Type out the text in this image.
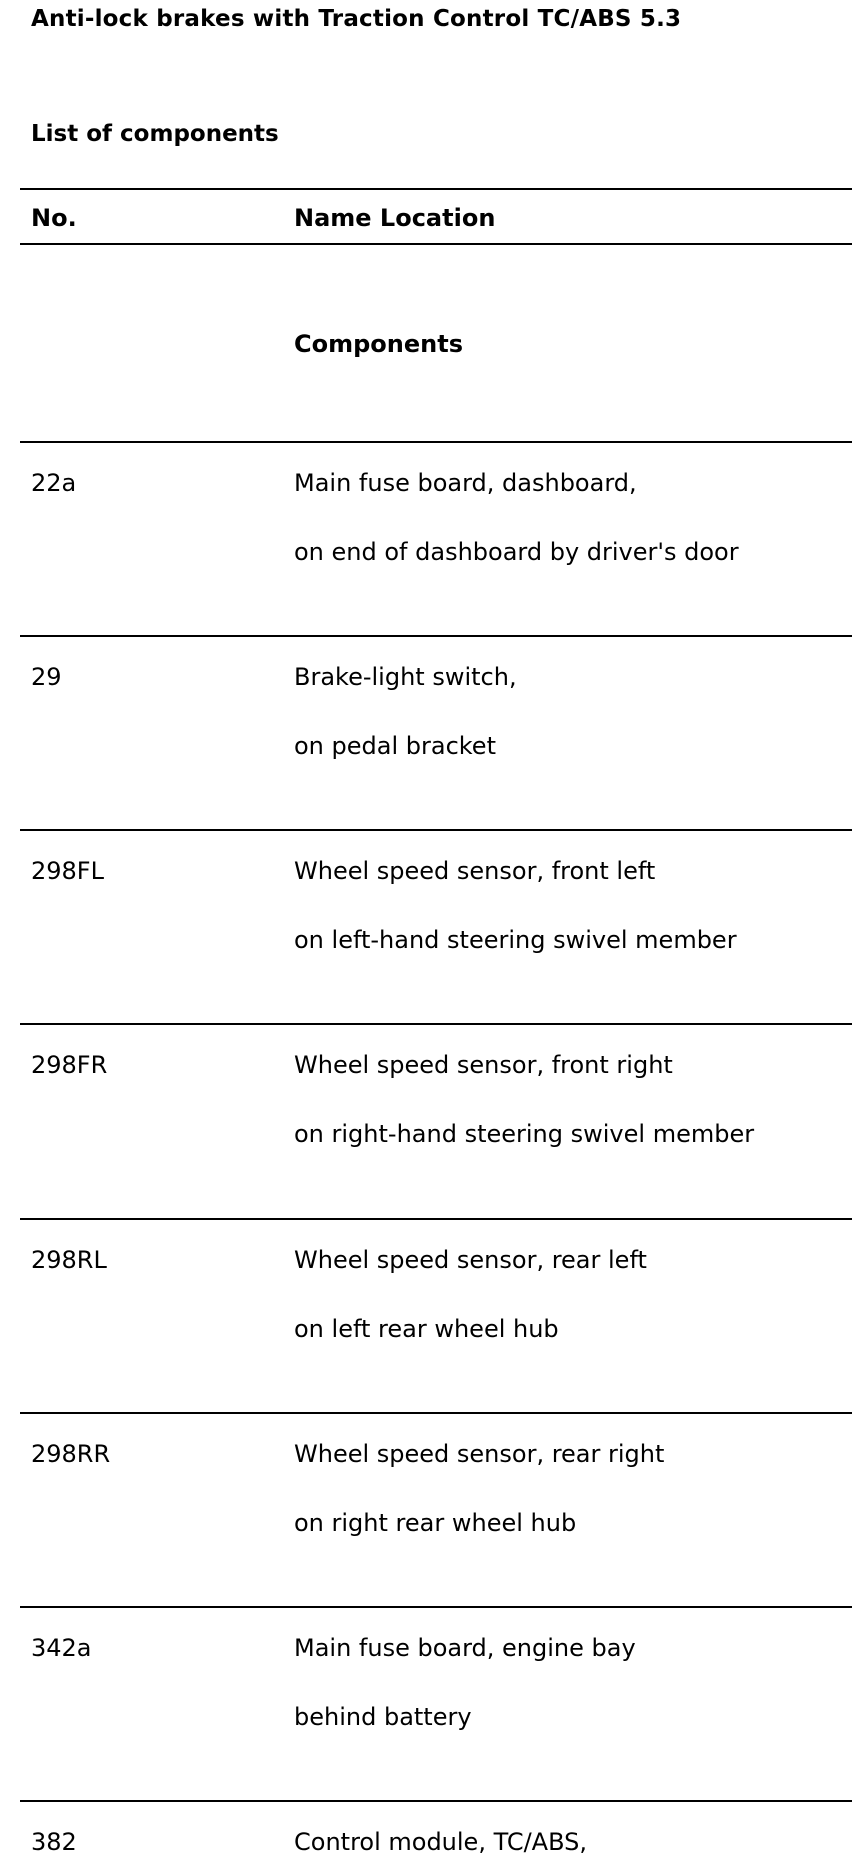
Anti-lock brakes with Traction Control TC/ABS 5.3
List of components
No.	Name Location
Components
22a	Main fuse board, dashboard,
on end of dashboard by driver's door
29	Brake-light switch,
on pedal bracket
298FL	Wheel speed sensor, front left
on left-hand steering swivel member
298FR	Wheel speed sensor, front right
on right-hand steering swivel member
298RL	Wheel speed sensor, rear left
on left rear wheel hub
298RR	Wheel speed sensor, rear right
on right rear wheel hub
342a	Main fuse board, engine bay
behind battery
382	Control module, TC/ABS,
